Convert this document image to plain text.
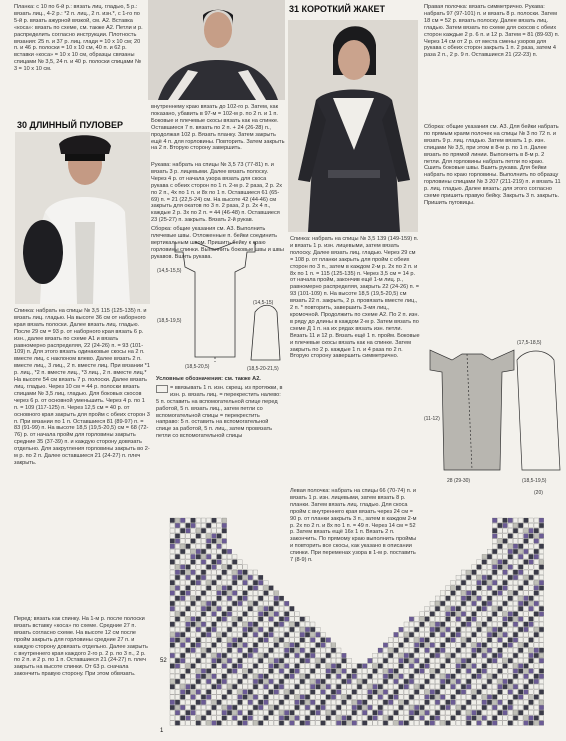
30 ДЛИННЫЙ ПУЛОВЕР
31 КОРОТКИЙ ЖАКЕТ

Планка: с 10 по 6-й р.: вязать лиц. гладью, 5 р.: вязать лиц., 4-2 р.: *2 п. лиц., 2 п. изн.*, с 1-го по 5-й р. вязать ажурной вязкой, см. А2. Вставка «коса»: вязать по схеме, см. также А2. Петли и р. распределить согласно инструкции. Плотность вязания: 25 п. и 37 р. лиц. глади = 10 х 10 см; 20 п. и 46 р. полоски = 10 х 10 см, 40 п. и 62 р. вставки «коса» = 10 х 10 см, образцы связаны спицами № 3,5, 24 п. и 40 р. полоски спицами № 3 = 10 х 10 см.

Спинка: набрать на спицы № 3,5 115 (125-135) п. и вязать лиц. гладью. На высоте 36 см от наборного края вязать полоски. Далее вязать лиц. гладью. После 29 см = 93 р. от наборного края вязать 6 р. изн., далее вязать по схеме А1 и вязать равномерно распределяя, 22 (24-26) п. = 93 (101-109) п. Для этого вязать одинаковые скосы на 2 п. вместе лиц. с наклоном влево. Далее вязать 2 п. вместе лиц., 3 лиц., 2 п. вместе лиц. При вязании *1 р. лиц., *2 п. вместе лиц., *3 лиц., 2 п. вместе лиц.* На высоте 54 см вязать 7 р. полоски. Далее вязать лиц. гладью. Через 10 см = 44 р. полоски вязать спицами № 3,5 лиц. гладью. Для боковых скосов через 6 р. от основной уменьшить. Через 4 р. по 1 п. = 109 (117-125) п. Через 12,5 см = 40 р. от основного края закрыть для пройм с обеих сторон 3 п. При вязании по 1 п. Оставшиеся 81 (89-97) п. = 83 (91-99) п. На высоте 18,5 (19,5-20,5) см = 68 (72-76) р. от начала пройм для горловины закрыть средние 35 (37-39) п. и каждую сторону довязать отдельно. Для закругления горловины закрыть во 2-м р. по 2 п. Далее оставшиеся 21 (24-27) п. плеч закрыть.

Перед: вязать как спинку. На 1-м р. после полоски вязать вставку «коса» по схеме. Средние 27 п. вязать согласно схеме. На высоте 12 см после пройм закрыть для горловины средние 27 п. и каждую сторону довязать отдельно. Далее закрыть с внутреннего края каждого 2-го р. 2 р. по 3 п., 2 р. по 2 п. и 2 р. по 1 п. Оставшиеся 21 (24-27) п. плеч закрыть на высоте спинки. От 63 р. сначала закончить правую сторону. При этом обвязать.

внутреннему краю вязать до 102-го р. Затем, как показано, убавить в 97-м = 102-м р. по 2 п. и 1 п. Боковые и плечевые скосы вязать как на спинке. Оставшиеся 7 п. вязать по 2 п. + 24 (26-28) п., продолжая 102 р. Вязать планку. Затем закрыть ещё 4 п. для горловины. Повторить. Затем закрыть на 2 п. Вторую сторону завершить.

Рукава: набрать на спицы № 3,5 73 (77-81) п. и вязать 3 р. лицевыми. Далее вязать полоску. Через 4 р. от начала узора вязать для скоса рукава с обеих сторон по 1 п. 2-м р. 2 раза, 2 р. 2х по 2 п., 4х по 1 п. и 8х по 1 п. Оставшиеся 61 (65-69) п. = 21 (22,5-24) см. На высоте 42 (44-46) см закрыть для окатов по 3 п. 2 раза, 2 р. 2х 4 п., каждые 2 р. 3х по 2 п. = 44 (46-48) п. Оставшиеся 23 (25-27) п. закрыть. Вязать 2-й рукав.

Сборка: общие указания см. А3. Выполнить плечевые швы. Отложенные п. бейки соединить вертикальным швом. Пришить бейку к краю горловины спинки. Выполнить боковые швы и швы рукавов. Вшить рукава.

(14,5-15,5)
(18,5-19,5)
(18,5-20,5)
(14,5-15)
(18,5-20-21,5)

Условные обозначения: см. также А2.

= ввязывать 1 п. изн. скрещ. из протяжки, в изн. р. вязать лиц. = перекрестить налево: 5 п. оставить на вспомогательной спице перед работой, 5 п. вязать лиц., затем петли со вспомогательной спицы = перекрестить направо: 5 п. оставить на вспомогательной спице за работой, 5 п. лиц., затем провязать петли со вспомогательной спицы

Правая полочка: вязать симметрично. Рукава: набрать 97 (97-101) п. и вязать 8 р. полоски. Затем 18 см = 52 р. вязать полоску. Далее вязать лиц. гладью. Затем вязать по схеме для скосов с обеих сторон каждые 2 р. 6 п. и 12 р. Затем = 81 (89-93) п. Через 14 см от 2 р. от места смены узоров для рукава с обеих сторон закрыть 1 п. 2 раза, затем 4 раза 2 п., 2 р. 9 п. Оставшиеся 21 (22-23) п.

Сборка: общие указания см. А3. Для бейки набрать по прямым краям полочек на спицы № 3 по 72 п. и вязать 9 р. лиц. гладью. Затем вязать 1 р. изн. спицами № 3,5, при этом в 8-м р. по 1 п. Далее вязать по прямой линии. Выполнить в 8-м р. 2 петли. Для горловины набрать петли по краю. Сшить боковые швы. Вшить рукава. Для бейки набрать по краю горловины. Выполнить по образцу горловины спицами № 3 207 (211-219) п. и вязать 11 р. лиц. гладью. Далее вязать: для этого согласно схеме пришить правую бейку. Закрыть 3 п. закрыть. Пришить пуговицы.

Спинка: набрать на спицы № 3,5 139 (149-159) п. и вязать 1 р. изн. лицевыми, затем вязать полоску. Далее вязать лиц. гладью. Через 29 см = 108 р. от планки закрыть для пройм с обеих сторон по 3 п., затем в каждом 2-м р. 2х по 2 п. и 8х по 1 п. = 115 (125-135) п. Через 3,5 см = 14 р. от начала пройм, закончив ещё 1-м лиц. р., равномерно распределяя, закрыть 22 (24-26) п. = 93 (101-109) п. На высоте 18,5 (19,5-20,5) см вязать 22 п. закрыть, 2 р. провязать вместе лиц., 2 п. * повторить, завершить 3-мя лиц., кромочной. Продолжить по схеме А2. По 2 п. изн. в ряду до длины в каждом 2-м р. Затем вязать по схеме Д 1 п. на их рядах вязать изн. петли. Вязать 11 и 12 р. Вязать ещё 1 п. пройм. Боковые и плечевые скосы вязать как на спинке. Затем закрыть по 2 р. каждые 1 п. и 4 раза по 2 п. Вторую сторону завершить симметрично.

Левая полочка: набрать на спицы 66 (70-74) п. и вязать 1 р. изн. лицевыми, затем вязать 8 р. планки. Затем вязать лиц. гладью. Для скоса пройм с внутреннего края вязать через 24 см = 90 р. от планки закрыть 3 п., затем в каждом 2-м р. 2х по 2 п. и 8х по 1 п. = 49 п. Через 14 см = 52 р. Затем вязать ещё 16х 1 п. Вязать 2 п. закончить. По прямому краю выполнить проймы и повторить все скосы, как указано в описании спинки. При переменах узора в 1-м р. поставить 7 (8-9) п.

(17,5-18,5)
(11-12)
28 (29-30)	(18,5-19,5)
(20)
52
1
